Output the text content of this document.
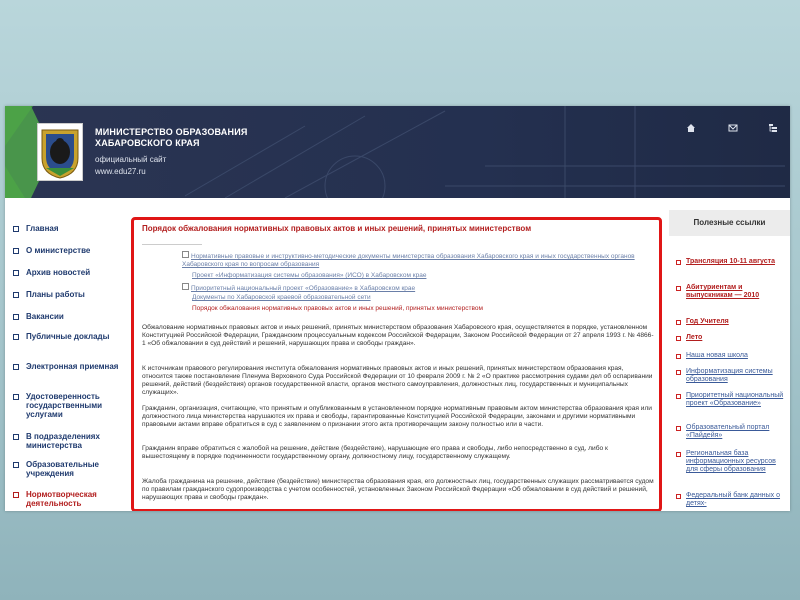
МИНИСТЕРСТВО ОБРАЗОВАНИЯ ХАБАРОВСКОГО КРАЯ
официальный сайт
www.edu27.ru
Главная
О министерстве
Архив новостей
Планы работы
Вакансии
Публичные доклады
Электронная приемная
Удостоверенность государственными услугами
В подразделениях министерства
Образовательные учреждения
Нормотворческая деятельность
Порядок обжалования нормативных правовых актов и иных решений, принятых министерством
Нормативные правовые и инструктивно-методические документы министерства образования Хабаровского края и иных государственных органов Хабаровского края по вопросам образования
Проект «Информатизация системы образования» (ИСО) в Хабаровском крае
Приоритетный национальный проект «Образование» в Хабаровском крае
Документы по Хабаровской краевой образовательной сети
Порядок обжалования нормативных правовых актов и иных решений, принятых министерством
Обжалование нормативных правовых актов и иных решений, принятых министерством образования Хабаровского края, осуществляется в порядке, установленном Конституцией Российской Федерации, Гражданским процессуальным кодексом Российской Федерации, Законом Российской Федерации от 27 апреля 1993 г. № 4866-1 «Об обжаловании в суд действий и решений, нарушающих права и свободы граждан».
К источникам правового регулирования института обжалования нормативных правовых актов и иных решений, принятых министерством образования края, относится также постановление Пленума Верховного Суда Российской Федерации от 10 февраля 2009 г. № 2 «О практике рассмотрения судами дел об оспаривании решений, действий (бездействия) органов государственной власти, органов местного самоуправления, должностных лиц, государственных и муниципальных служащих».
Гражданин, организация, считающие, что принятым и опубликованным в установленном порядке нормативным правовым актом министерства образования края или должностного лица министерства нарушаются их права и свободы, гарантированные Конституцией Российской Федерации, законами и другими нормативными правовыми актами вправе обратиться в суд с заявлением о признании этого акта противоречащим закону полностью или в части.
Гражданин вправе обратиться с жалобой на решение, действие (бездействие), нарушающие его права и свободы, либо непосредственно в суд, либо к вышестоящему в порядке подчиненности государственному органу, должностному лицу, государственному служащему.
Жалоба гражданина на решение, действие (бездействие) министерства образования края, его должностных лиц, государственных служащих рассматривается судом по правилам гражданского судопроизводства с учетом особенностей, установленных Законом Российской Федерации «Об обжаловании в суд действий и решений, нарушающих права и свободы граждан».
Полезные ссылки
Трансляция 10-11 августа
Абитуриентам и выпускникам — 2010
Год Учителя
Лето
Наша новая школа
Информатизация системы образования
Приоритетный национальный проект «Образование»
Образовательный портал «Пайдейя»
Региональная база информационных ресурсов для сферы образования
Федеральный банк данных о детях-
